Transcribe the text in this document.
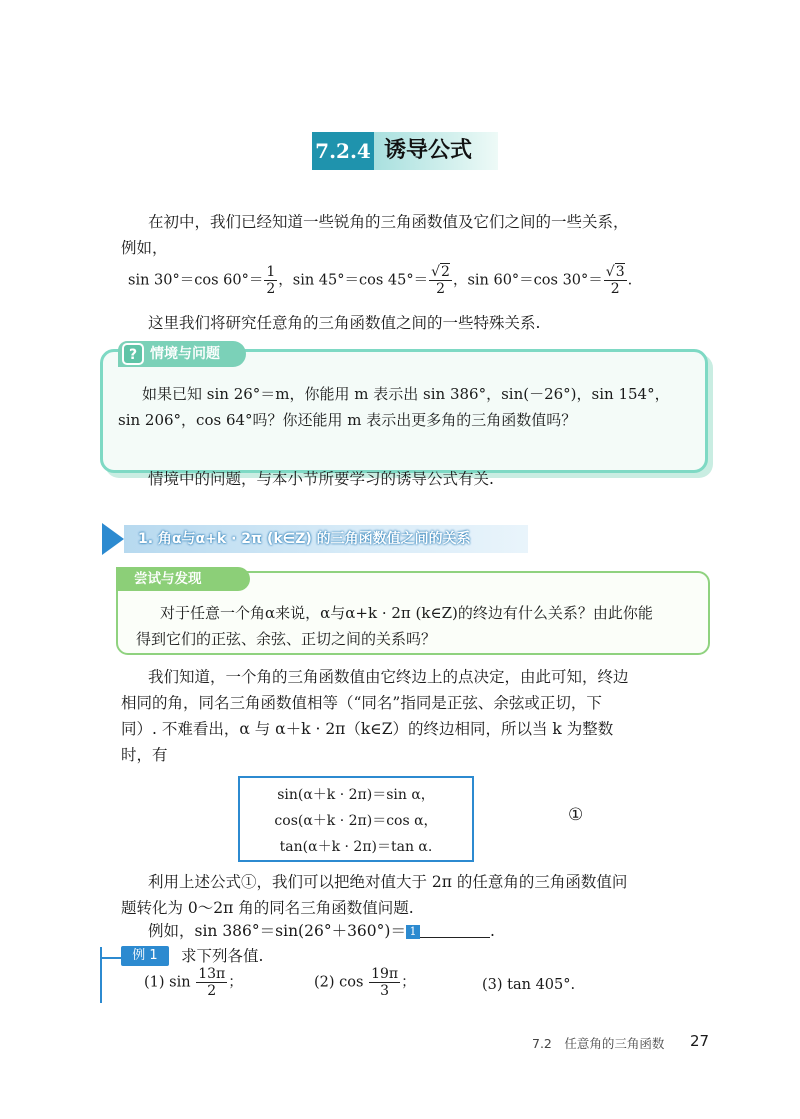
7.2.4 诱导公式
在初中，我们已经知道一些锐角的三角函数值及它们之间的一些关系，
例如，
sin 30°＝cos $60^\circ= \frac{1}{2}$ ，sin 45°＝cos $45^\circ= \frac{√2}{2}$ ，sin 60°＝cos $30^\circ= \frac{√3}{2}$ .
这里我们将研究任意角的三角函数值之间的一些特殊关系.
? 情境与问题
如果已知 sin 26°＝m，你能用 m 表示出 sin 386°，sin(－26°)，sin 154°，
sin 206°，cos 64°吗？你还能用 m 表示出更多角的三角函数值吗？
情境中的问题，与本小节所要学习的诱导公式有关.
1. 角α与α+k · 2π (k∈Z) 的三角函数值之间的关系
尝试与发现
对于任意一个角α来说，α与α+k · 2π (k∈Z)的终边有什么关系？由此你能
得到它们的正弦、余弦、正切之间的关系吗？
我们知道，一个角的三角函数值由它终边上的点决定，由此可知，终边
相同的角，同名三角函数值相等（“同名”指同是正弦、余弦或正切，下
同）. 不难看出，α 与 α＋k · 2π（k∈Z）的终边相同，所以当 k 为整数
时，有
sin(α＋k · 2π)＝sin α，
cos(α＋k · 2π)＝cos α，
tan(α＋k · 2π)＝tan α.
①
利用上述公式①，我们可以把绝对值大于 2π 的任意角的三角函数值问
题转化为 0～2π 角的同名三角函数值问题.
例如，sin 386°＝sin(26°＋360°)＝ 1	.
例 1	求下列各值.
(1) $\sin \frac{13\pi}{2}$ ；	(2) $\cos \frac{19\pi}{3}$ ；	(3) tan 405°.
7.2　任意角的三角函数 27
